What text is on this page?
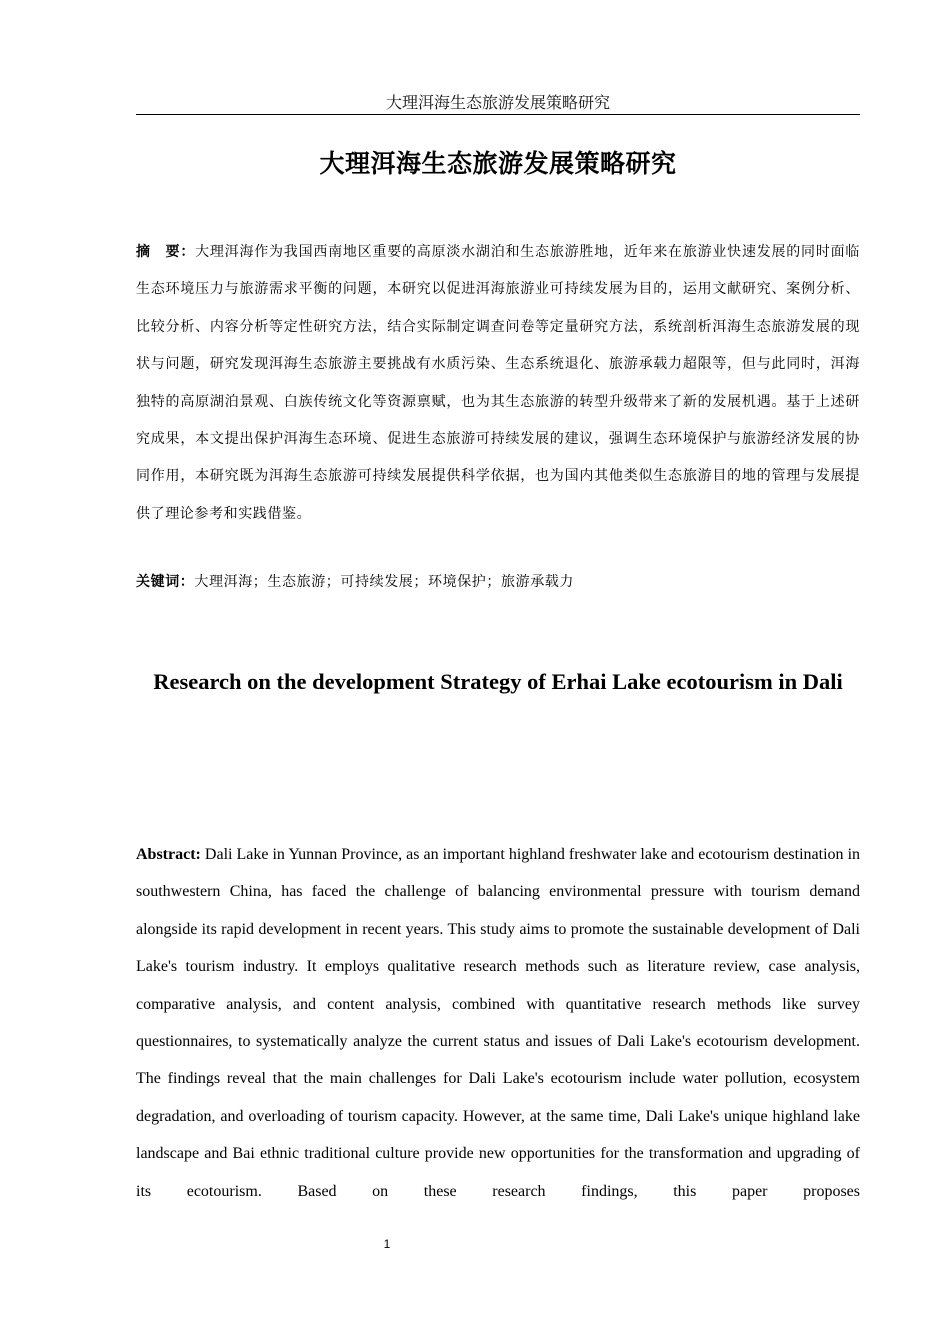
大理洱海生态旅游发展策略研究
大理洱海生态旅游发展策略研究
摘　要：大理洱海作为我国西南地区重要的高原淡水湖泊和生态旅游胜地，近年来在旅游业快速发展的同时面临生态环境压力与旅游需求平衡的问题，本研究以促进洱海旅游业可持续发展为目的，运用文献研究、案例分析、比较分析、内容分析等定性研究方法，结合实际制定调查问卷等定量研究方法，系统剖析洱海生态旅游发展的现状与问题，研究发现洱海生态旅游主要挑战有水质污染、生态系统退化、旅游承载力超限等，但与此同时，洱海独特的高原湖泊景观、白族传统文化等资源禀赋，也为其生态旅游的转型升级带来了新的发展机遇。基于上述研究成果，本文提出保护洱海生态环境、促进生态旅游可持续发展的建议，强调生态环境保护与旅游经济发展的协同作用，本研究既为洱海生态旅游可持续发展提供科学依据，也为国内其他类似生态旅游目的地的管理与发展提供了理论参考和实践借鉴。
关键词：大理洱海；生态旅游；可持续发展；环境保护；旅游承载力
Research on the development Strategy of Erhai Lake ecotourism in Dali
Abstract: Dali Lake in Yunnan Province, as an important highland freshwater lake and ecotourism destination in southwestern China, has faced the challenge of balancing environmental pressure with tourism demand alongside its rapid development in recent years. This study aims to promote the sustainable development of Dali Lake's tourism industry. It employs qualitative research methods such as literature review, case analysis, comparative analysis, and content analysis, combined with quantitative research methods like survey questionnaires, to systematically analyze the current status and issues of Dali Lake's ecotourism development. The findings reveal that the main challenges for Dali Lake's ecotourism include water pollution, ecosystem degradation, and overloading of tourism capacity. However, at the same time, Dali Lake's unique highland lake landscape and Bai ethnic traditional culture provide new opportunities for the transformation and upgrading of its ecotourism. Based on these research findings, this paper proposes
1
